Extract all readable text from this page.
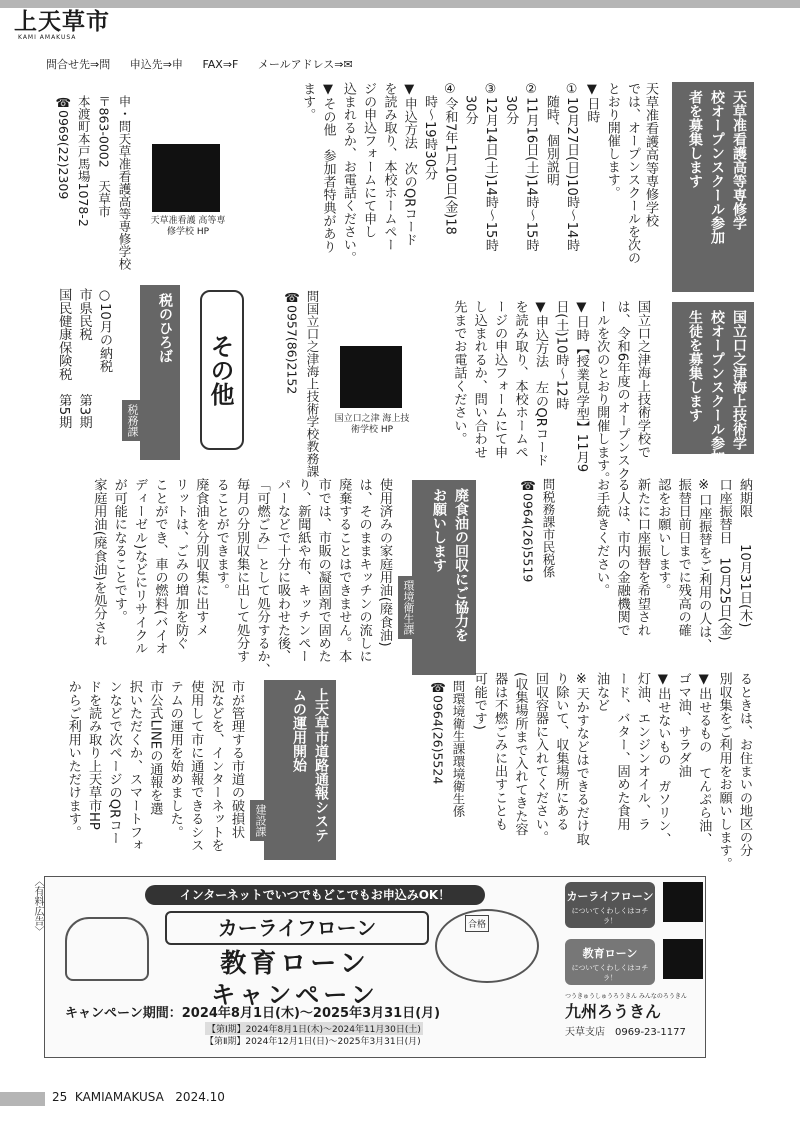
上天草市
KAMI AMAKUSA
問合せ先⇒問 申込先⇒申 FAX⇒F メールアドレス⇒✉
天草准看護高等専修学
校オープンスクール参加
者を募集します
天草准看護高等専修学校
では、オープンスクールを次の
とおり開催します。
▼日時
①10月27日(日)10時〜14時
　随時、個別説明
②11月16日(土)14時〜15時
　30分
③12月14日(土)14時〜15時
　30分
④令和7年1月10日(金)18
　時〜19時30分
▼申込方法　次のQRコード
を読み取り、本校ホームペー
ジの申込フォームにて申し
込まれるか、お電話ください。
▼その他　参加者特典があり
ます。
天草准看護 高等専修学校 HP
申・問天草准看護高等専修学校
〒863-0002　天草市
本渡町本戸馬場1078-2
☎0969(22)2309
国立口之津海上技術学
校オープンスクール参加
生徒を募集します
国立口之津海上技術学校で
は、令和6年度のオープンスク
ールを次のとおり開催します。
▼日時【授業見学型】11月9
日(土)10時〜12時
▼申込方法　左のQRコード
を読み取り、本校ホームペ
ージの申込フォームにて申
し込まれるか、問い合わせ
先までお電話ください。
国立口之津 海上技術学校 HP
問国立口之津海上技術学校教務課
☎0957(86)2152
その他
税のひろば
税務課
○10月の納税
市県民税　　　　第3期
国民健康保険税　第5期
納期限　　10月31日(木)
口座振替日　10月25日(金)
※口座振替をご利用の人は、
振替日前日までに残高の確
認をお願いします。
新たに口座振替を希望され
る人は、市内の金融機関で
お手続きください。
問税務課市民税係
☎0964(26)5519
廃食油の回収にご協力を
お願いします
環境衛生課
使用済みの家庭用油(廃食油)
は、そのままキッチンの流しに
廃棄することはできません。本
市では、市販の凝固剤で固めた
り、新聞紙や布、キッチンペー
パーなどで十分に吸わせた後、
「可燃ごみ」として処分するか、
毎月の分別収集に出して処分す
ることができます。
廃食油を分別収集に出すメ
リットは、ごみの増加を防ぐ
ことができ、車の燃料(バイオ
ディーゼル)などにリサイクル
が可能になることです。
家庭用油(廃食油)を処分され
るときは、お住まいの地区の分
別収集をご利用をお願いします。
▼出せるもの　てんぷら油、
ゴマ油、サラダ油
▼出せないもの　ガソリン、
灯油、エンジンオイル、ラ
ード、バター、固めた食用
油など
※天かすなどはできるだけ取
り除いて、収集場所にある
回収容器に入れてください。
(収集場所まで入れてきた容
器は不燃ごみに出すことも
可能です)
問環境衛生課環境衛生係
☎0964(26)5524
上天草市道路通報システ
ムの運用開始
建設課
市が管理する市道の破損状
況などを、インターネットを
使用して市に通報できるシス
テムの運用を始めました。
市公式LINEの通報を選
択いただくか、スマートフォ
ンなどで次ページのQRコー
ドを読み取り上天草市HP
からご利用いただけます。
〈有料広告〉	インターネットでいつでもどこでもお申込みOK！
カーライフローン
教育ローン
キャンペーン
合格
キャンペーン期間：2024年8月1日(木)〜2025年3月31日(月)
【第Ⅰ期】2024年8月1日(木)〜2024年11月30日(土)
【第Ⅱ期】2024年12月1日(日)〜2025年3月31日(月)
カーライフローン
についてくわしくはコチラ！
教育ローン
についてくわしくはコチラ！
つうきゅうしゅうろうきん みんなのろうきん
九州ろうきん
天草支店　0969-23-1177
25 KAMIAMAKUSA 2024.10
